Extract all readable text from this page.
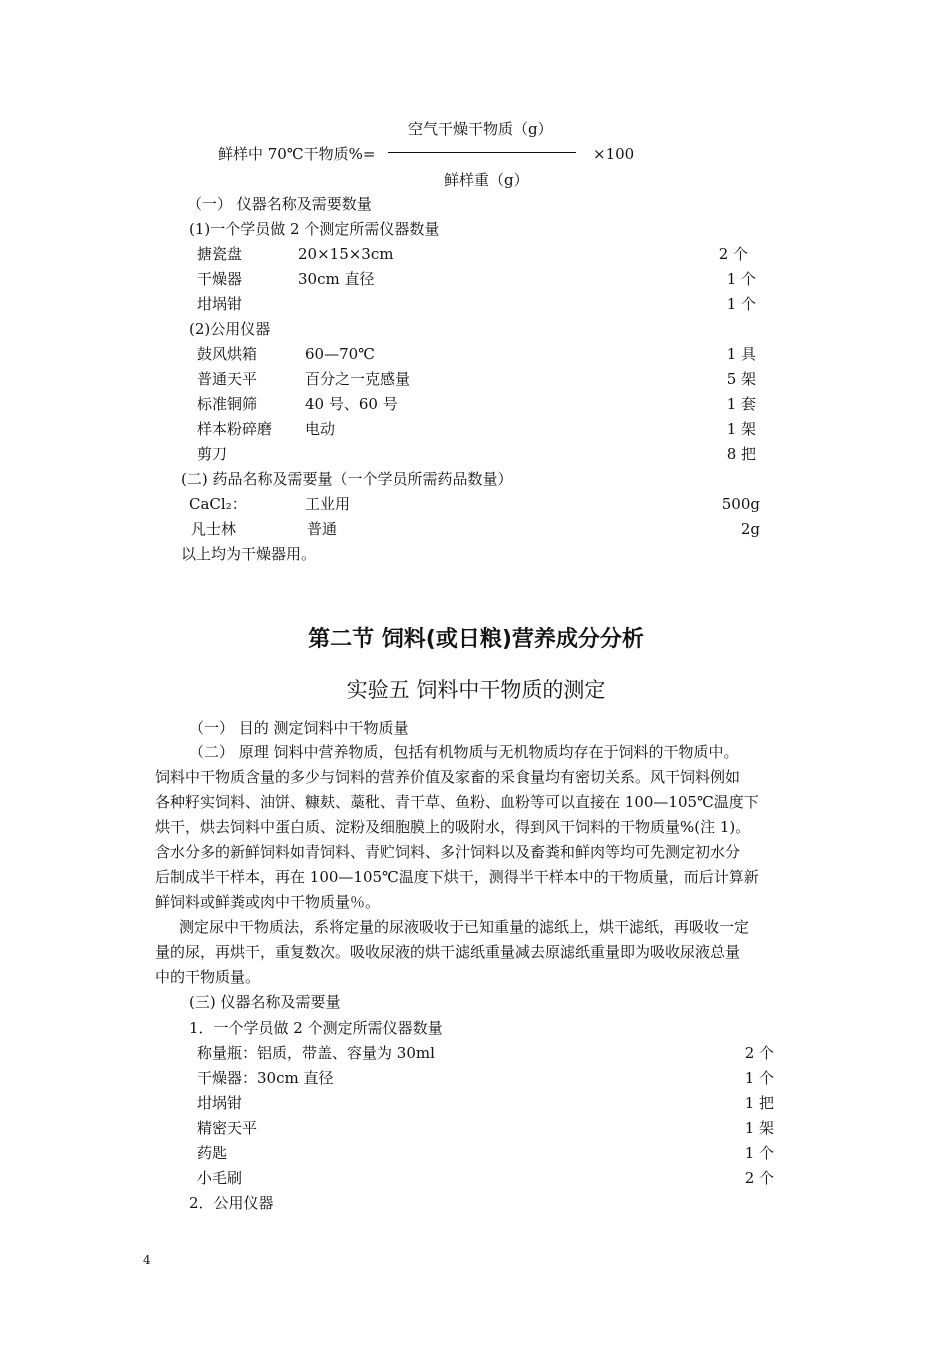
空气干燥干物质（g）
鲜样中 70℃干物质%=	×100
鲜样重（g）
（一） 仪器名称及需要数量
(1)一个学员做 2 个测定所需仪器数量
搪瓷盘	20×15×3cm	2 个
干燥器	30cm 直径	1 个
坩埚钳	1 个
(2)公用仪器
鼓风烘箱	60—70℃	1 具
普通天平	百分之一克感量	5 架
标准铜筛	40 号、60 号	1 套
样本粉碎磨 电动	1 架
剪刀	8 把
(二) 药品名称及需要量（一个学员所需药品数量）
CaCl₂：	工业用	500g
凡士林	普通	2g
以上均为干燥器用。
第二节 饲料(或日粮)营养成分分析
实验五 饲料中干物质的测定
（一） 目的 测定饲料中干物质量
（二） 原理 饲料中营养物质，包括有机物质与无机物质均存在于饲料的干物质中。
饲料中干物质含量的多少与饲料的营养价值及家畜的采食量均有密切关系。风干饲料例如
各种籽实饲料、油饼、糠麸、藁秕、青干草、鱼粉、血粉等可以直接在 100—105℃温度下
烘干，烘去饲料中蛋白质、淀粉及细胞膜上的吸附水，得到风干饲料的干物质量%(注 1)。
含水分多的新鲜饲料如青饲料、青贮饲料、多汁饲料以及畜粪和鲜肉等均可先测定初水分
后制成半干样本，再在 100—105℃温度下烘干，测得半干样本中的干物质量，而后计算新
鲜饲料或鲜粪或肉中干物质量％。
测定尿中干物质法，系将定量的尿液吸收于已知重量的滤纸上，烘干滤纸，再吸收一定
量的尿，再烘干，重复数次。吸收尿液的烘干滤纸重量减去原滤纸重量即为吸收尿液总量
中的干物质量。
(三) 仪器名称及需要量
1．一个学员做 2 个测定所需仪器数量
称量瓶：铝质，带盖、容量为 30ml	2 个
干燥器：30cm 直径	1 个
坩埚钳	1 把
精密天平	1 架
药匙	1 个
小毛刷	2 个
2．公用仪器
4
